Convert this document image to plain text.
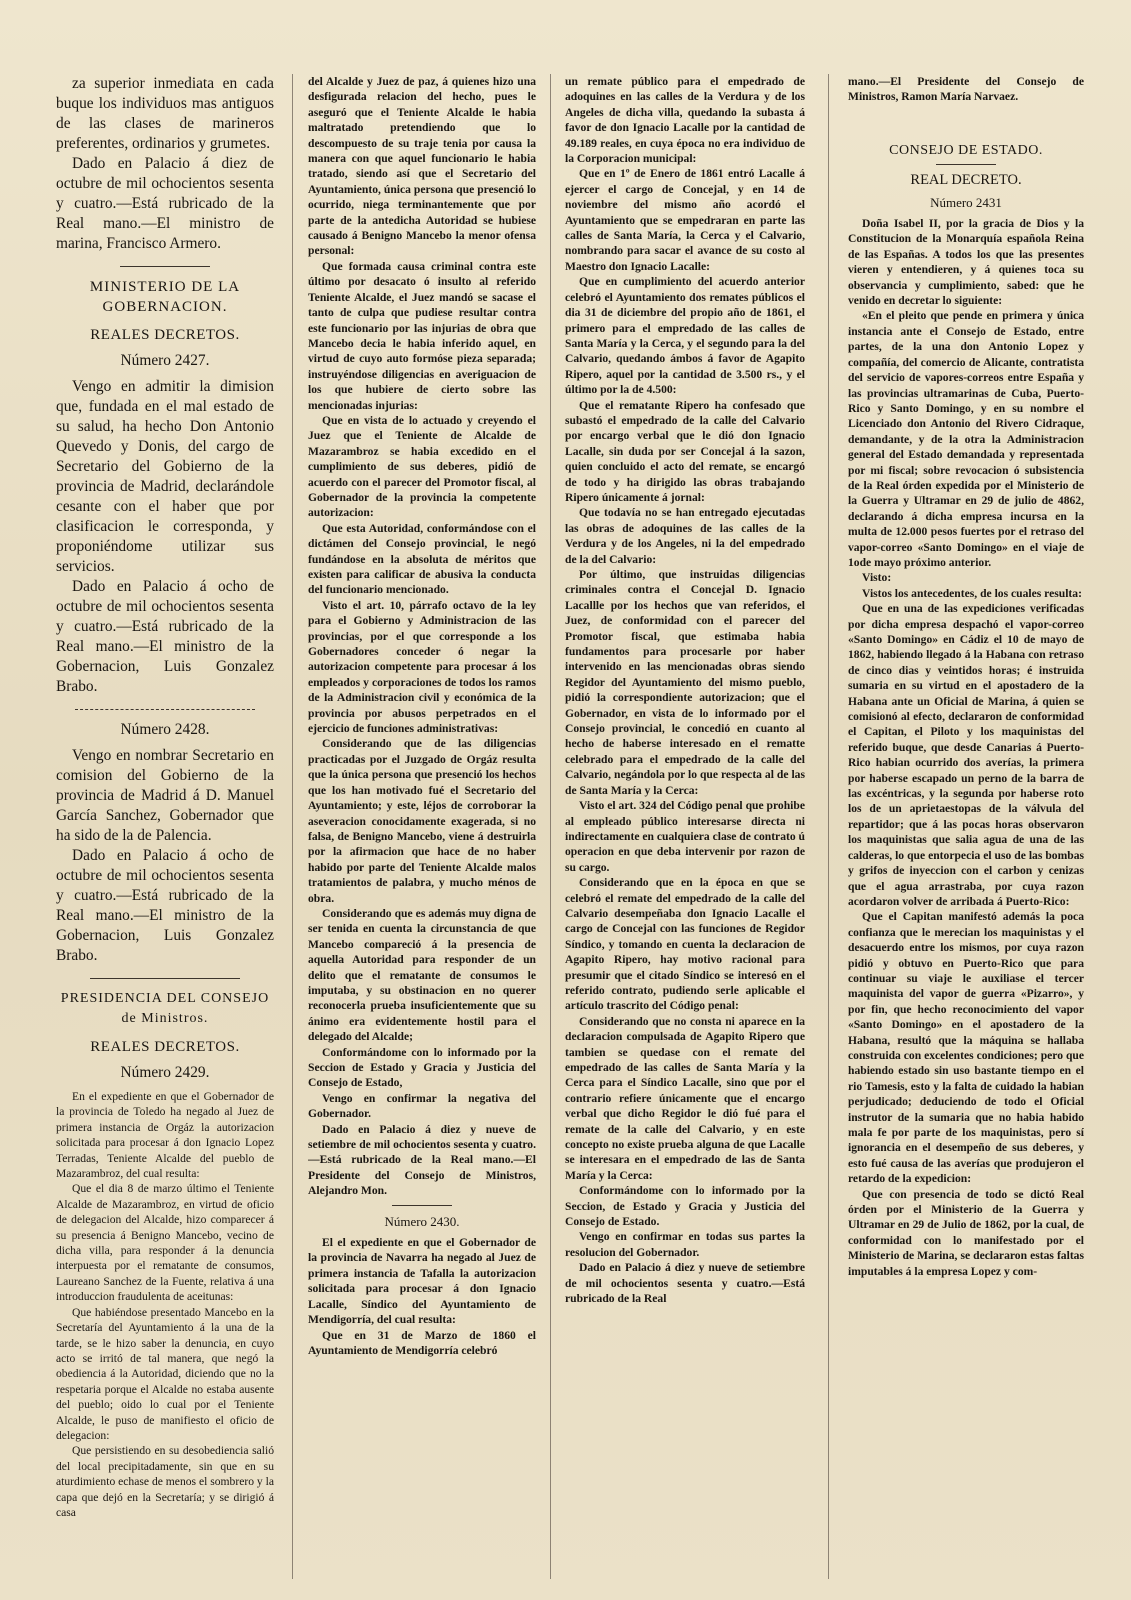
za superior inmediata en cada buque los individuos mas antiguos de las clases de marineros preferentes, ordinarios y grumetes.

Dado en Palacio á diez de octubre de mil ochocientos sesenta y cuatro.—Está rubricado de la Real mano.—El ministro de marina, Francisco Armero.

MINISTERIO DE LA GOBERNACION.
REALES DECRETOS.
Número 2427.

Vengo en admitir la dimision que, fundada en el mal estado de su salud, ha hecho Don Antonio Quevedo y Donis, del cargo de Secretario del Gobierno de la provincia de Madrid, declarándole cesante con el haber que por clasificacion le corresponda, y proponiéndome utilizar sus servicios.

Dado en Palacio á ocho de octubre de mil ochocientos sesenta y cuatro.—Está rubricado de la Real mano.—El ministro de la Gobernacion, Luis Gonzalez Brabo.

Número 2428.

Vengo en nombrar Secretario en comision del Gobierno de la provincia de Madrid á D. Manuel García Sanchez, Gobernador que ha sido de la de Palencia.

Dado en Palacio á ocho de octubre de mil ochocientos sesenta y cuatro.—Está rubricado de la Real mano.—El ministro de la Gobernacion, Luis Gonzalez Brabo.

PRESIDENCIA DEL CONSEJO de Ministros.
REALES DECRETOS.
Número 2429.

En el expediente en que el Gobernador de la provincia de Toledo ha negado al Juez de primera instancia de Orgáz la autorizacion solicitada para procesar á don Ignacio Lopez Terradas, Teniente Alcalde del pueblo de Mazarambroz, del cual resulta:

Que el dia 8 de marzo último el Teniente Alcalde de Mazarambroz, en virtud de oficio de delegacion del Alcalde, hizo comparecer á su presencia á Benigno Mancebo, vecino de dicha villa, para responder á la denuncia interpuesta por el rematante de consumos, Laureano Sanchez de la Fuente, relativa á una introduccion fraudulenta de aceitunas:

Que habiéndose presentado Mancebo en la Secretaría del Ayuntamiento á la una de la tarde, se le hizo saber la denuncia, en cuyo acto se irritó de tal manera, que negó la obediencia á la Autoridad, diciendo que no la respetaria porque el Alcalde no estaba ausente del pueblo; oido lo cual por el Teniente Alcalde, le puso de manifiesto el oficio de delegacion:

Que persistiendo en su desobediencia salió del local precipitadamente, sin que en su aturdimiento echase de menos el sombrero y la capa que dejó en la Secretaría; y se dirigió á casa

del Alcalde y Juez de paz, á quienes hizo una desfigurada relacion del hecho, pues le aseguró que el Teniente Alcalde le habia maltratado pretendiendo que lo descompuesto de su traje tenia por causa la manera con que aquel funcionario le habia tratado, siendo así que el Secretario del Ayuntamiento, única persona que presenció lo ocurrido, niega terminantemente que por parte de la antedicha Autoridad se hubiese causado á Benigno Mancebo la menor ofensa personal:

Que formada causa criminal contra este último por desacato ó insulto al referido Teniente Alcalde, el Juez mandó se sacase el tanto de culpa que pudiese resultar contra este funcionario por las injurias de obra que Mancebo decia le habia inferido aquel, en virtud de cuyo auto formóse pieza separada; instruyéndose diligencias en averiguacion de los que hubiere de cierto sobre las mencionadas injurias:

Que en vista de lo actuado y creyendo el Juez que el Teniente de Alcalde de Mazarambroz se habia excedido en el cumplimiento de sus deberes, pidió de acuerdo con el parecer del Promotor fiscal, al Gobernador de la provincia la competente autorizacion:

Que esta Autoridad, conformándose con el dictámen del Consejo provincial, le negó fundándose en la absoluta de méritos que existen para calificar de abusiva la conducta del funcionario mencionado.

Visto el art. 10, párrafo octavo de la ley para el Gobierno y Administracion de las provincias, por el que corresponde a los Gobernadores conceder ó negar la autorizacion competente para procesar á los empleados y corporaciones de todos los ramos de la Administracion civil y económica de la provincia por abusos perpetrados en el ejercicio de funciones administrativas:

Considerando que de las diligencias practicadas por el Juzgado de Orgáz resulta que la única persona que presenció los hechos que los han motivado fué el Secretario del Ayuntamiento; y este, léjos de corroborar la aseveracion conocidamente exagerada, si no falsa, de Benigno Mancebo, viene á destruirla por la afirmacion que hace de no haber habido por parte del Teniente Alcalde malos tratamientos de palabra, y mucho ménos de obra.

Considerando que es además muy digna de ser tenida en cuenta la circunstancia de que Mancebo compareció á la presencia de aquella Autoridad para responder de un delito que el rematante de consumos le imputaba, y su obstinacion en no querer reconocerla prueba insuficientemente que su ánimo era evidentemente hostil para el delegado del Alcalde;

Conformándome con lo informado por la Seccion de Estado y Gracia y Justicia del Consejo de Estado,

Vengo en confirmar la negativa del Gobernador.

Dado en Palacio á diez y nueve de setiembre de mil ochocientos sesenta y cuatro.—Está rubricado de la Real mano.—El Presidente del Consejo de Ministros, Alejandro Mon.

Número 2430.

El el expediente en que el Gobernador de la provincia de Navarra ha negado al Juez de primera instancia de Tafalla la autorizacion solicitada para procesar á don Ignacio Lacalle, Síndico del Ayuntamiento de Mendigorría, del cual resulta:

Que en 31 de Marzo de 1860 el Ayuntamiento de Mendigorría celebró

un remate público para el empedrado de adoquines en las calles de la Verdura y de los Angeles de dicha villa, quedando la subasta á favor de don Ignacio Lacalle por la cantidad de 49.189 reales, en cuya época no era individuo de la Corporacion municipal:

Que en 1º de Enero de 1861 entró Lacalle á ejercer el cargo de Concejal, y en 14 de noviembre del mismo año acordó el Ayuntamiento que se empedraran en parte las calles de Santa María, la Cerca y el Calvario, nombrando para sacar el avance de su costo al Maestro don Ignacio Lacalle:

Que en cumplimiento del acuerdo anterior celebró el Ayuntamiento dos remates públicos el dia 31 de diciembre del propio año de 1861, el primero para el empredado de las calles de Santa María y la Cerca, y el segundo para la del Calvario, quedando ámbos á favor de Agapito Ripero, aquel por la cantidad de 3.500 rs., y el último por la de 4.500:

Que el rematante Ripero ha confesado que subastó el empedrado de la calle del Calvario por encargo verbal que le dió don Ignacio Lacalle, sin duda por ser Concejal á la sazon, quien concluido el acto del remate, se encargó de todo y ha dirigido las obras trabajando Ripero únicamente á jornal:

Que todavía no se han entregado ejecutadas las obras de adoquines de las calles de la Verdura y de los Angeles, ni la del empedrado de la del Calvario:

Por último, que instruidas diligencias criminales contra el Concejal D. Ignacio Lacallle por los hechos que van referidos, el Juez, de conformidad con el parecer del Promotor fiscal, que estimaba habia fundamentos para procesarle por haber intervenido en las mencionadas obras siendo Regidor del Ayuntamiento del mismo pueblo, pidió la correspondiente autorizacion; que el Gobernador, en vista de lo informado por el Consejo provincial, le concedió en cuanto al hecho de haberse interesado en el rematte celebrado para el empedrado de la calle del Calvario, negándola por lo que respecta al de las de Santa María y la Cerca:

Visto el art. 324 del Código penal que prohibe al empleado público interesarse directa ni indirectamente en cualquiera clase de contrato ú operacion en que deba intervenir por razon de su cargo.

Considerando que en la época en que se celebró el remate del empedrado de la calle del Calvario desempeñaba don Ignacio Lacalle el cargo de Concejal con las funciones de Regidor Síndico, y tomando en cuenta la declaracion de Agapito Ripero, hay motivo racional para presumir que el citado Síndico se interesó en el referido contrato, pudiendo serle aplicable el artículo trascrito del Código penal:

Considerando que no consta ni aparece en la declaracion compulsada de Agapito Ripero que tambien se quedase con el remate del empedrado de las calles de Santa María y la Cerca para el Síndico Lacalle, sino que por el contrario refiere únicamente que el encargo verbal que dicho Regidor le dió fué para el remate de la calle del Calvario, y en este concepto no existe prueba alguna de que Lacalle se interesara en el empedrado de las de Santa María y la Cerca:

Conformándome con lo informado por la Seccion, de Estado y Gracia y Justicia del Consejo de Estado.

Vengo en confirmar en todas sus partes la resolucion del Gobernador.

Dado en Palacio á diez y nueve de setiembre de mil ochocientos sesenta y cuatro.—Está rubricado de la Real

mano.—El Presidente del Consejo de Ministros, Ramon María Narvaez.

CONSEJO DE ESTADO.
REAL DECRETO.
Número 2431

Doña Isabel II, por la gracia de Dios y la Constitucion de la Monarquía española Reina de las Españas. A todos los que las presentes vieren y entendieren, y á quienes toca su observancia y cumplimiento, sabed: que he venido en decretar lo siguiente:

«En el pleito que pende en primera y única instancia ante el Consejo de Estado, entre partes, de la una don Antonio Lopez y compañía, del comercio de Alicante, contratista del servicio de vapores-correos entre España y las provincias ultramarinas de Cuba, Puerto-Rico y Santo Domingo, y en su nombre el Licenciado don Antonio del Rivero Cidraque, demandante, y de la otra la Administracion general del Estado demandada y representada por mi fiscal; sobre revocacion ó subsistencia de la Real órden expedida por el Ministerio de la Guerra y Ultramar en 29 de julio de 4862, declarando á dicha empresa incursa en la multa de 12.000 pesos fuertes por el retraso del vapor-correo «Santo Domingo» en el viaje de 1ode mayo próximo anterior.

Visto:

Vistos los antecedentes, de los cuales resulta:

Que en una de las expediciones verificadas por dicha empresa despachó el vapor-correo «Santo Domingo» en Cádiz el 10 de mayo de 1862, habiendo llegado á la Habana con retraso de cinco dias y veintidos horas; é instruida sumaria en su virtud en el apostadero de la Habana ante un Oficial de Marina, á quien se comisionó al efecto, declararon de conformidad el Capitan, el Piloto y los maquinistas del referido buque, que desde Canarias á Puerto-Rico habian ocurrido dos averías, la primera por haberse escapado un perno de la barra de las excéntricas, y la segunda por haberse roto los de un aprietaestopas de la válvula del repartidor; que á las pocas horas observaron los maquinistas que salia agua de una de las calderas, lo que entorpecia el uso de las bombas y grifos de inyeccion con el carbon y cenizas que el agua arrastraba, por cuya razon acordaron volver de arribada á Puerto-Rico:

Que el Capitan manifestó además la poca confianza que le merecian los maquinistas y el desacuerdo entre los mismos, por cuya razon pidió y obtuvo en Puerto-Rico que para continuar su viaje le auxiliase el tercer maquinista del vapor de guerra «Pizarro», y por fin, que hecho reconocimiento del vapor «Santo Domingo» en el apostadero de la Habana, resultó que la máquina se hallaba construida con excelentes condiciones; pero que habiendo estado sin uso bastante tiempo en el rio Tamesis, esto y la falta de cuidado la habian perjudicado; deduciendo de todo el Oficial instrutor de la sumaria que no habia habido mala fe por parte de los maquinistas, pero sí ignorancia en el desempeño de sus deberes, y esto fué causa de las averías que produjeron el retardo de la expedicion:

Que con presencia de todo se dictó Real órden por el Ministerio de la Guerra y Ultramar en 29 de Julio de 1862, por la cual, de conformidad con lo manifestado por el Ministerio de Marina, se declararon estas faltas imputables á la empresa Lopez y com-
